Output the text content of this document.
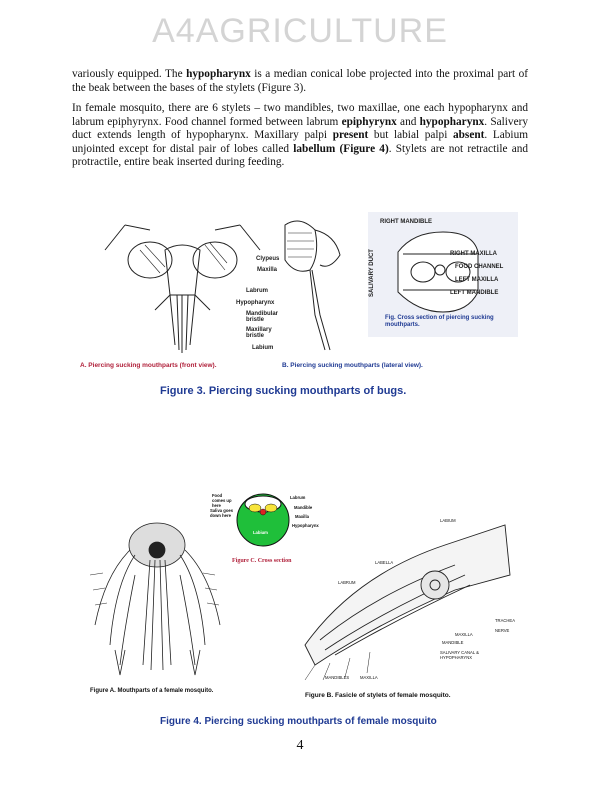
A4AGRICULTURE

variously equipped. The hypopharynx is a median conical lobe projected into the proximal part of the beak between the bases of the stylets (Figure 3).

In female mosquito, there are 6 stylets – two mandibles, two maxillae, one each hypopharynx and labrum epiphyrynx. Food channel formed between labrum epiphyrynx and hypopharynx. Salivery duct extends length of hypopharynx. Maxillary palpi present but labial palpi absent. Labium unjointed except for distal pair of lobes called labellum (Figure 4). Stylets are not retractile and protractile, entire beak inserted during feeding.

Labrum
Hypopharynx
Mandibular bristle
Maxillary bristle
Labium
Clypeus
Maxilla
RIGHT MANDIBLE
RIGHT MAXILLA
FOOD CHANNEL
LEFT MAXILLA
LEFT MANDIBLE
SALIVARY DUCT
Fig. Cross section of piercing sucking mouthparts.
A. Piercing sucking mouthparts (front view).	B. Piercing sucking mouthparts (lateral view).
Figure 3. Piercing sucking mouthparts of bugs.
Food comes up here
Saliva goes down here
Labrum
Mandible
Maxilla
Hypopharynx
Labium
Figure C. Cross section
Figure A. Mouthparts of a female mosquito.
LABIUM
LABRUM
LABELLA
TRACHEA
NERVE
MAXILLA
MANDIBLE
SALIVARY CANAL & HYPOPHARYNX
MANDIBLES	MAXILLA
Figure B. Fasicle of stylets of female mosquito.
Figure 4. Piercing sucking mouthparts of female mosquito
4
